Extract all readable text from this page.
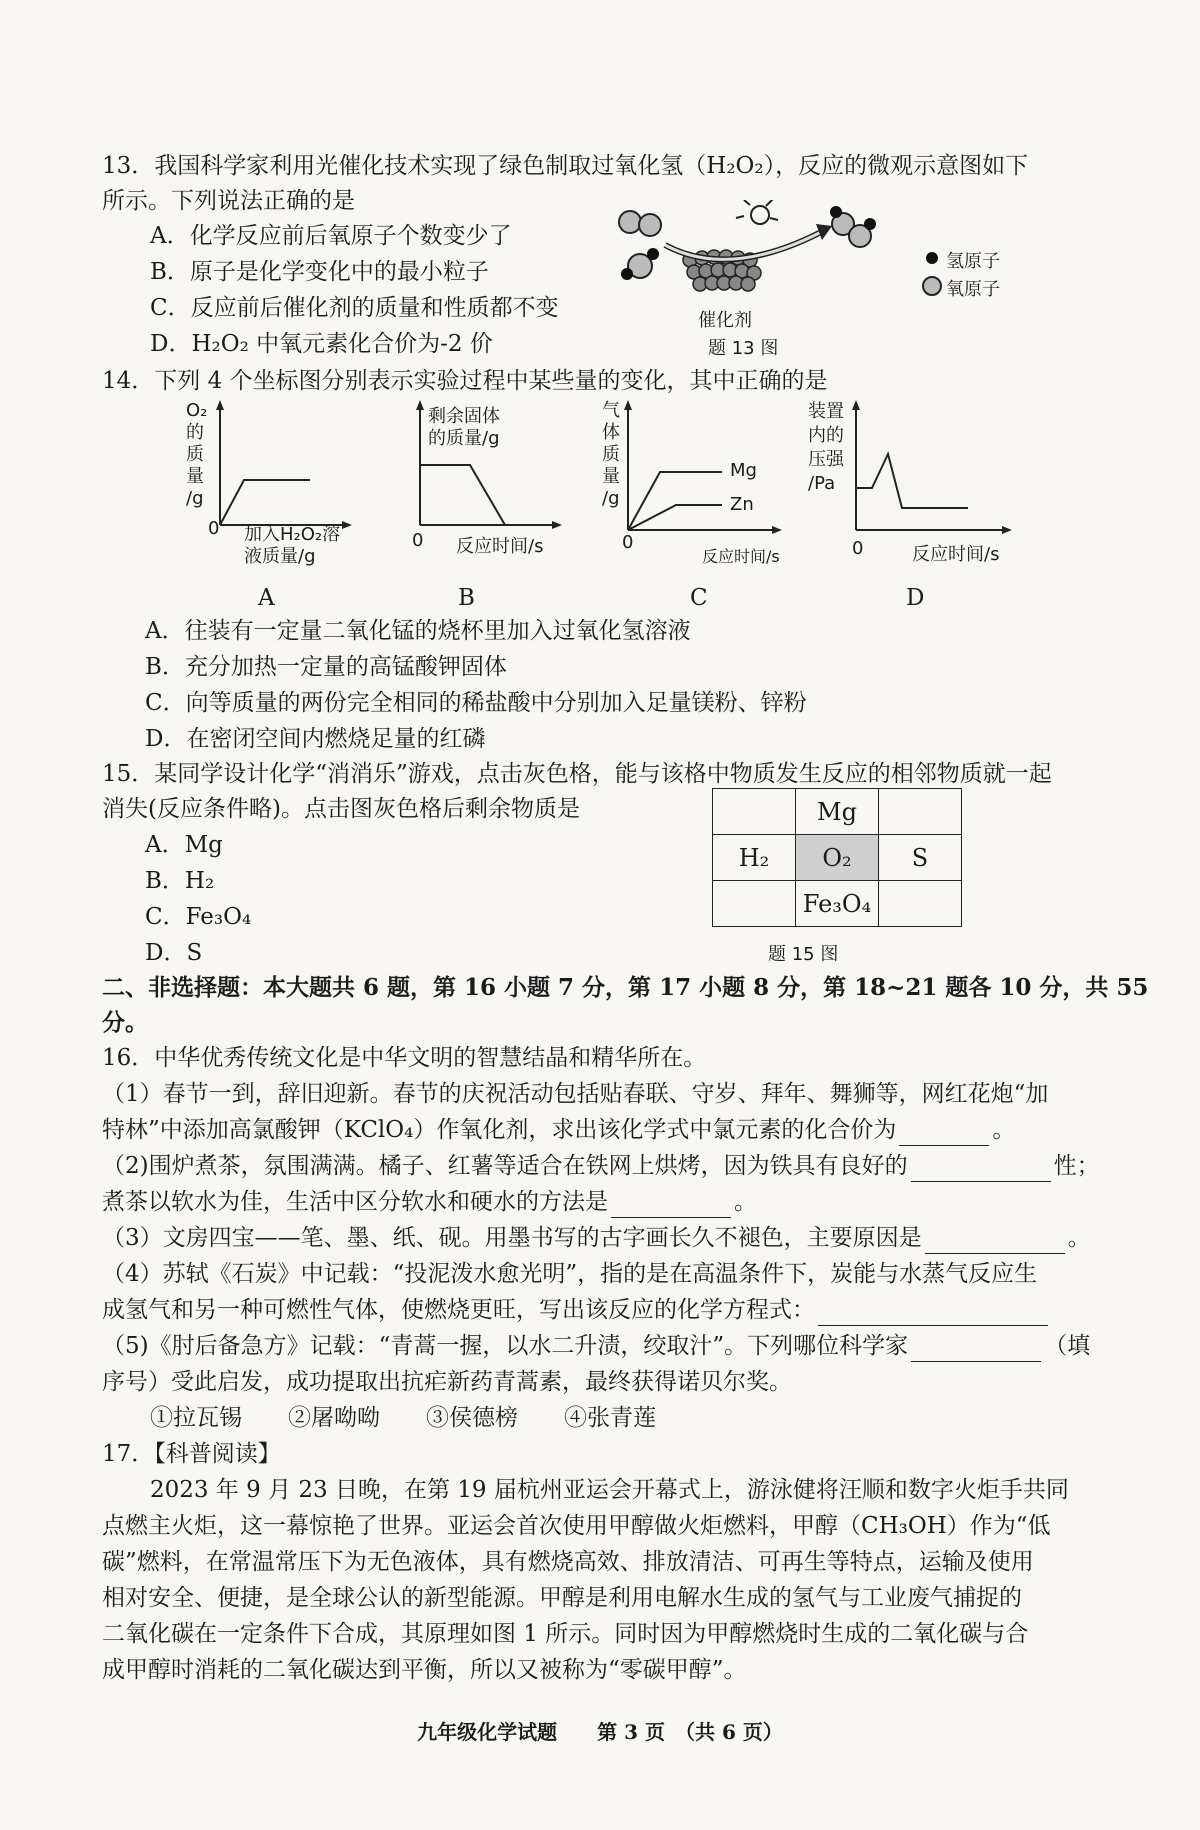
13．我国科学家利用光催化技术实现了绿色制取过氧化氢（H₂O₂），反应的微观示意图如下
所示。下列说法正确的是
A．化学反应前后氧原子个数变少了
B．原子是化学变化中的最小粒子
C．反应前后催化剂的质量和性质都不变
D．H₂O₂ 中氧元素化合价为-2 价
氢原子
氧原子
催化剂
题 13 图
14．下列 4 个坐标图分别表示实验过程中某些量的变化，其中正确的是
O₂
的
质
量
/g
0 加入H₂O₂溶
液质量/g
A
剩余固体
的质量/g
0 反应时间/s
B
气
体
质
量
/g
Mg
Zn
0
反应时间/s
C
装置
内的
压强
/Pa
0	反应时间/s
D
A．往装有一定量二氧化锰的烧杯里加入过氧化氢溶液
B．充分加热一定量的高锰酸钾固体
C．向等质量的两份完全相同的稀盐酸中分别加入足量镁粉、锌粉
D．在密闭空间内燃烧足量的红磷
15．某同学设计化学“消消乐”游戏，点击灰色格，能与该格中物质发生反应的相邻物质就一起
消失(反应条件略)。点击图灰色格后剩余物质是
A．Mg
B．H₂
C．Fe₃O₄
D．S
	Mg	
H₂	O₂	S
	Fe₃O₄	
题 15 图
二、非选择题：本大题共 6 题，第 16 小题 7 分，第 17 小题 8 分，第 18~21 题各 10 分，共 55
分。
16．中华优秀传统文化是中华文明的智慧结晶和精华所在。
（1）春节一到，辞旧迎新。春节的庆祝活动包括贴春联、守岁、拜年、舞狮等，网红花炮“加
特林”中添加高氯酸钾（KClO₄）作氧化剂，求出该化学式中氯元素的化合价为	。
（2)围炉煮茶，氛围满满。橘子、红薯等适合在铁网上烘烤，因为铁具有良好的	性；
煮茶以软水为佳，生活中区分软水和硬水的方法是	。
（3）文房四宝——笔、墨、纸、砚。用墨书写的古字画长久不褪色，主要原因是	。
（4）苏轼《石炭》中记载：“投泥泼水愈光明”，指的是在高温条件下，炭能与水蒸气反应生
成氢气和另一种可燃性气体，使燃烧更旺，写出该反应的化学方程式：
（5)《肘后备急方》记载：“青蒿一握，以水二升渍，绞取汁”。下列哪位科学家	（填
序号）受此启发，成功提取出抗疟新药青蒿素，最终获得诺贝尔奖。
①拉瓦锡　　②屠呦呦　　③侯德榜　　④张青莲
17．【科普阅读】
2023 年 9 月 23 日晚，在第 19 届杭州亚运会开幕式上，游泳健将汪顺和数字火炬手共同
点燃主火炬，这一幕惊艳了世界。亚运会首次使用甲醇做火炬燃料，甲醇（CH₃OH）作为“低
碳”燃料，在常温常压下为无色液体，具有燃烧高效、排放清洁、可再生等特点，运输及使用
相对安全、便捷，是全球公认的新型能源。甲醇是利用电解水生成的氢气与工业废气捕捉的
二氧化碳在一定条件下合成，其原理如图 1 所示。同时因为甲醇燃烧时生成的二氧化碳与合
成甲醇时消耗的二氧化碳达到平衡，所以又被称为“零碳甲醇”。
九年级化学试题　　第 3 页　（共 6 页）
